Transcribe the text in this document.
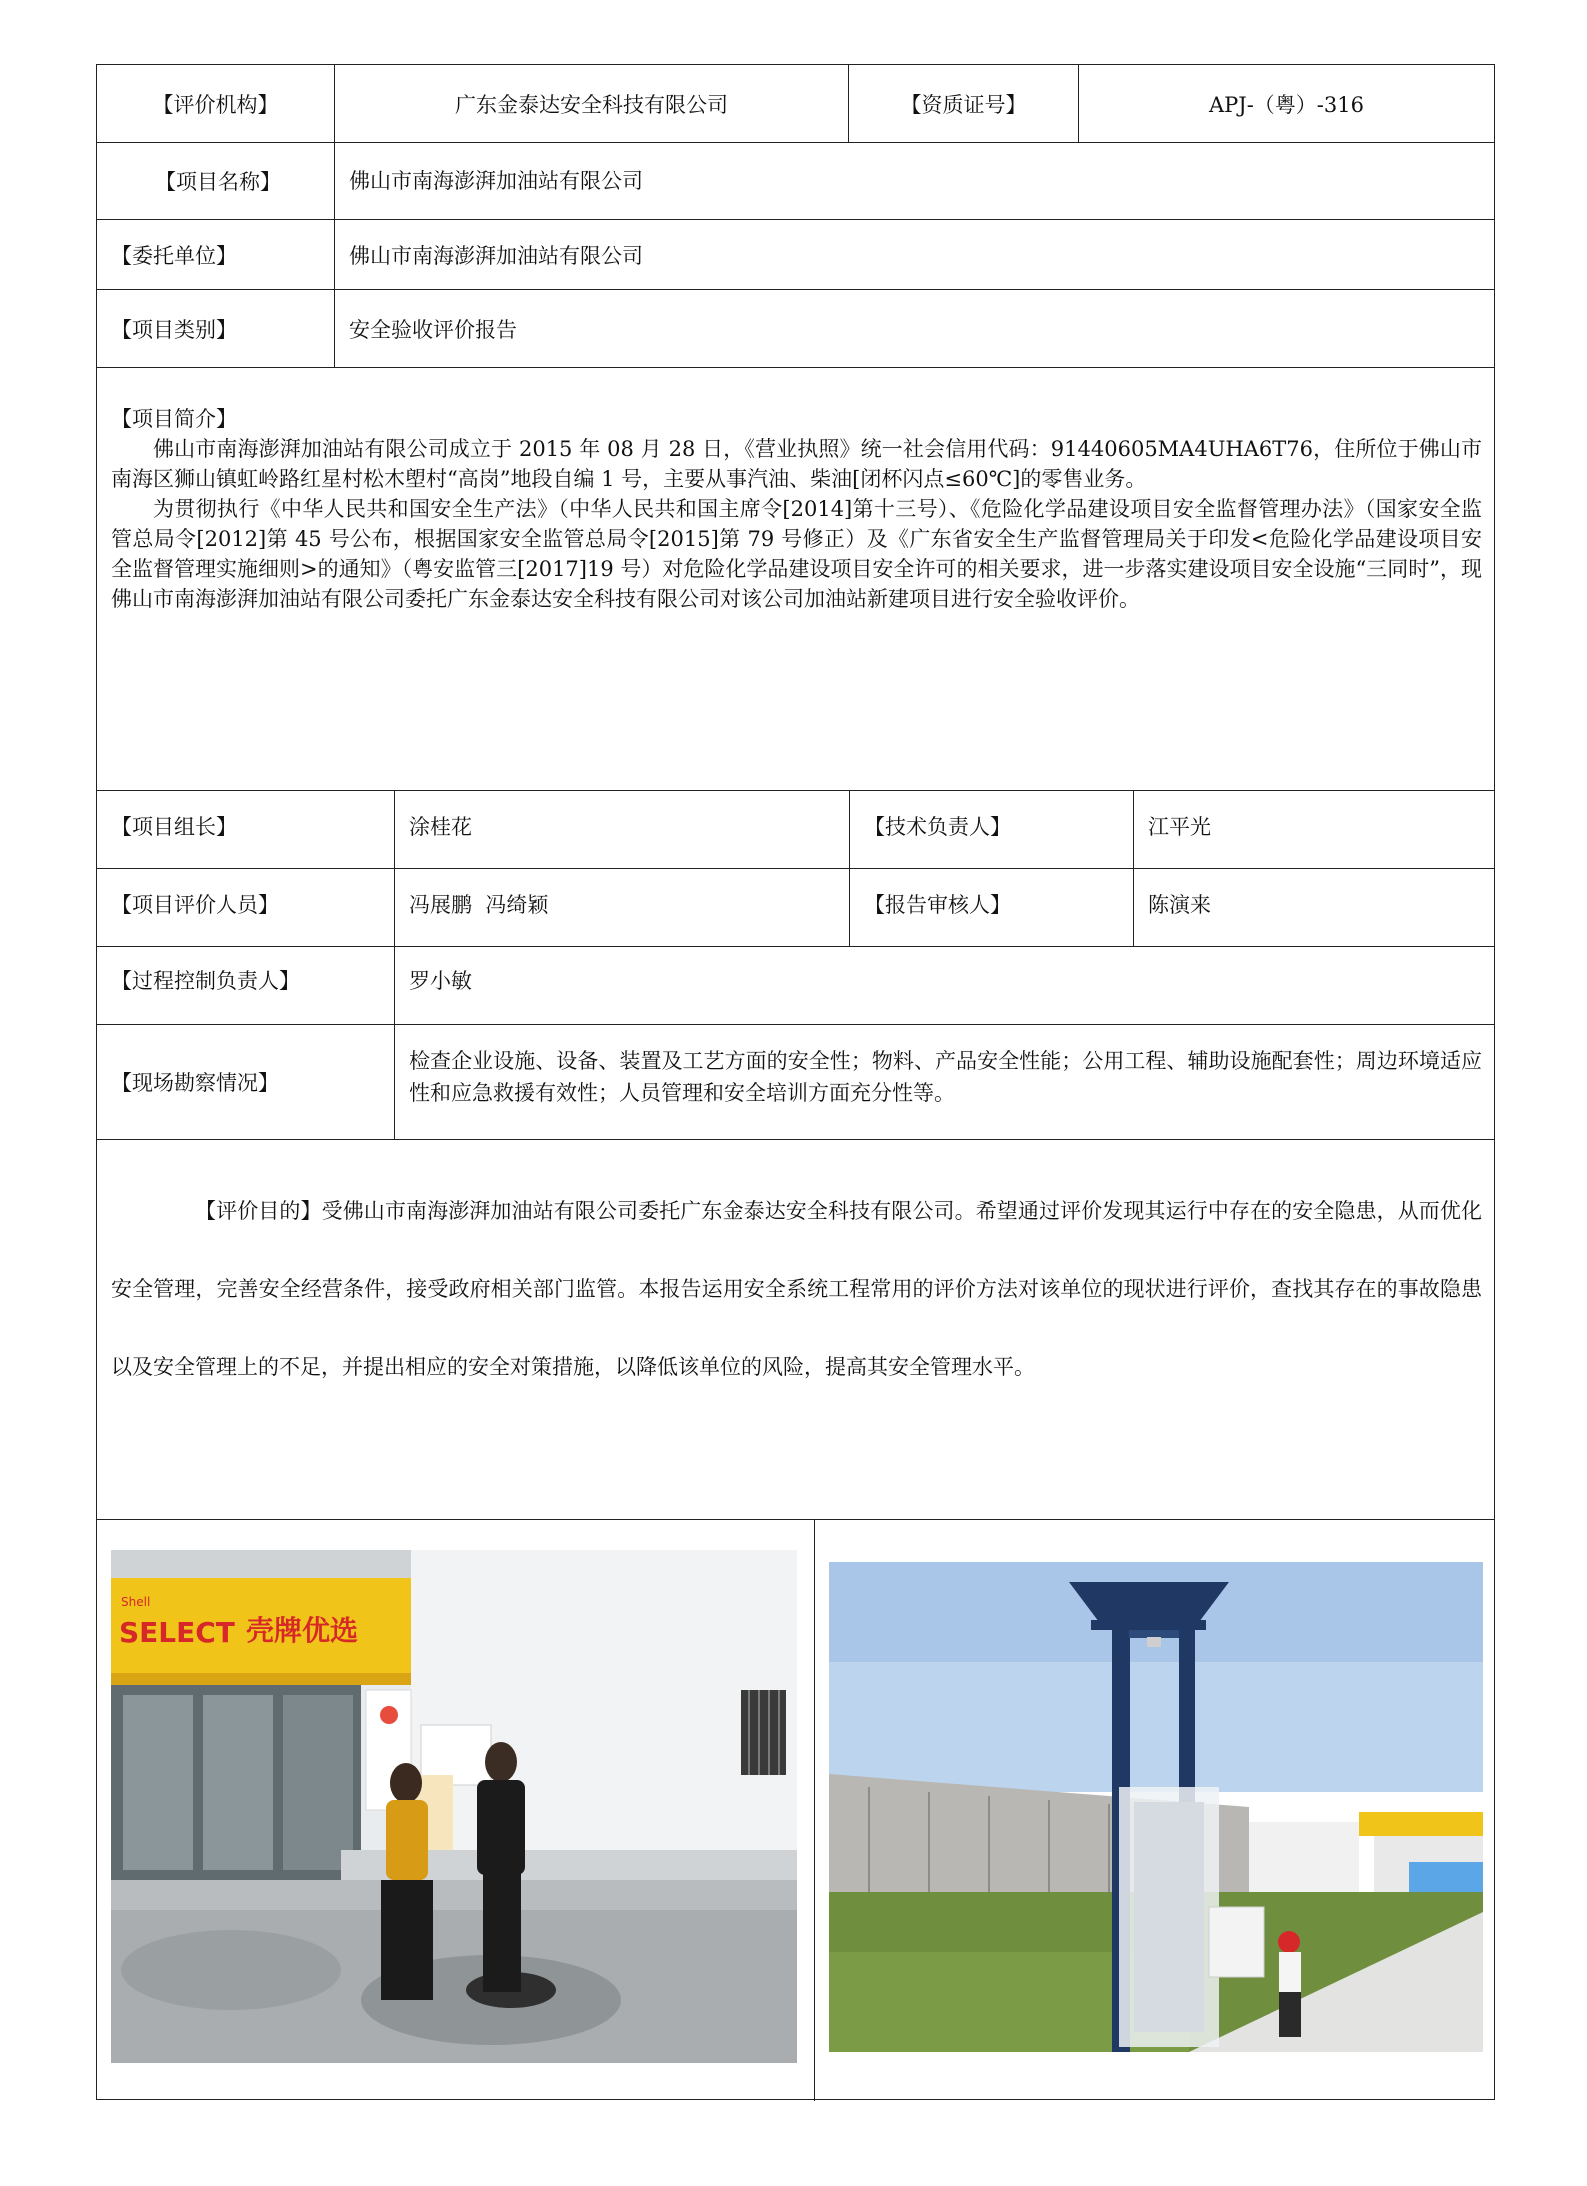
【评价机构】	广东金泰达安全科技有限公司	【资质证号】	APJ-（粤）-316
【项目名称】	佛山市南海澎湃加油站有限公司
【委托单位】	佛山市南海澎湃加油站有限公司
【项目类别】	安全验收评价报告
【项目简介】
佛山市南海澎湃加油站有限公司成立于 2015 年 08 月 28 日，《营业执照》统一社会信用代码：91440605MA4UHA6T76，住所位于佛山市南海区狮山镇虹岭路红星村松木塱村“高岗”地段自编 1 号，主要从事汽油、柴油[闭杯闪点≤60℃]的零售业务。
为贯彻执行《中华人民共和国安全生产法》（中华人民共和国主席令[2014]第十三号）、《危险化学品建设项目安全监督管理办法》（国家安全监管总局令[2012]第 45 号公布，根据国家安全监管总局令[2015]第 79 号修正）及《广东省安全生产监督管理局关于印发<危险化学品建设项目安全监督管理实施细则>的通知》（粤安监管三[2017]19 号）对危险化学品建设项目安全许可的相关要求，进一步落实建设项目安全设施“三同时”，现佛山市南海澎湃加油站有限公司委托广东金泰达安全科技有限公司对该公司加油站新建项目进行安全验收评价。
【项目组长】	涂桂花	【技术负责人】	江平光
【项目评价人员】	冯展鹏  冯绮颖	【报告审核人】	陈演来
【过程控制负责人】	罗小敏
【现场勘察情况】
检查企业设施、设备、装置及工艺方面的安全性；物料、产品安全性能；公用工程、辅助设施配套性；周边环境适应性和应急救援有效性；人员管理和安全培训方面充分性等。
【评价目的】受佛山市南海澎湃加油站有限公司委托广东金泰达安全科技有限公司。希望通过评价发现其运行中存在的安全隐患，从而优化安全管理，完善安全经营条件，接受政府相关部门监管。本报告运用安全系统工程常用的评价方法对该单位的现状进行评价，查找其存在的事故隐患以及安全管理上的不足，并提出相应的安全对策措施，以降低该单位的风险，提高其安全管理水平。
Shell
SELECT 壳牌优选
